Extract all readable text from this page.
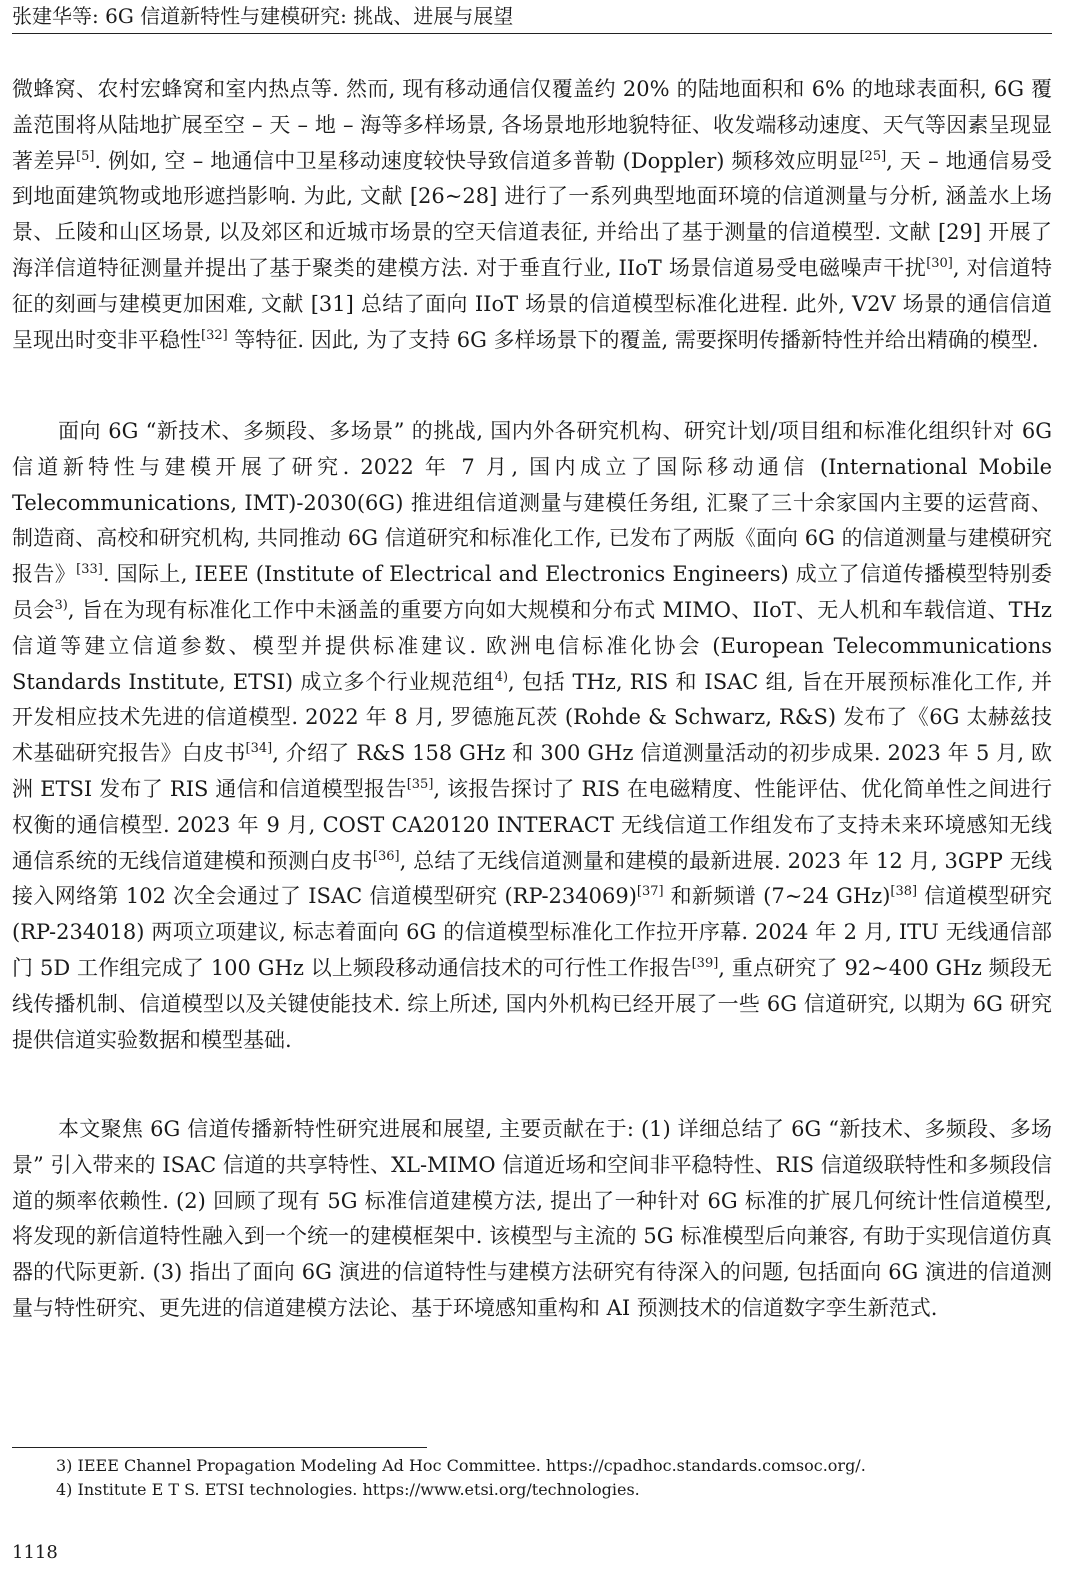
张建华等: 6G 信道新特性与建模研究: 挑战、进展与展望
微蜂窝、农村宏蜂窝和室内热点等. 然而, 现有移动通信仅覆盖约 20% 的陆地面积和 6% 的地球表面积, 6G 覆盖范围将从陆地扩展至空 – 天 – 地 – 海等多样场景, 各场景地形地貌特征、收发端移动速度、天气等因素呈现显著差异[5]. 例如, 空 – 地通信中卫星移动速度较快导致信道多普勒 (Doppler) 频移效应明显[25], 天 – 地通信易受到地面建筑物或地形遮挡影响. 为此, 文献 [26∼28] 进行了一系列典型地面环境的信道测量与分析, 涵盖水上场景、丘陵和山区场景, 以及郊区和近城市场景的空天信道表征, 并给出了基于测量的信道模型. 文献 [29] 开展了海洋信道特征测量并提出了基于聚类的建模方法. 对于垂直行业, IIoT 场景信道易受电磁噪声干扰[30], 对信道特征的刻画与建模更加困难, 文献 [31] 总结了面向 IIoT 场景的信道模型标准化进程. 此外, V2V 场景的通信信道呈现出时变非平稳性[32] 等特征. 因此, 为了支持 6G 多样场景下的覆盖, 需要探明传播新特性并给出精确的模型.
面向 6G “新技术、多频段、多场景” 的挑战, 国内外各研究机构、研究计划/项目组和标准化组织针对 6G 信道新特性与建模开展了研究. 2022 年 7 月, 国内成立了国际移动通信 (International Mobile Telecommunications, IMT)-2030(6G) 推进组信道测量与建模任务组, 汇聚了三十余家国内主要的运营商、制造商、高校和研究机构, 共同推动 6G 信道研究和标准化工作, 已发布了两版《面向 6G 的信道测量与建模研究报告》[33]. 国际上, IEEE (Institute of Electrical and Electronics Engineers) 成立了信道传播模型特别委员会$^{3)}$, 旨在为现有标准化工作中未涵盖的重要方向如大规模和分布式 MIMO、IIoT、无人机和车载信道、THz 信道等建立信道参数、模型并提供标准建议. 欧洲电信标准化协会 (European Telecommunications Standards Institute, ETSI) 成立多个行业规范组$^{4)}$, 包括 THz, RIS 和 ISAC 组, 旨在开展预标准化工作, 并开发相应技术先进的信道模型. 2022 年 8 月, 罗德施瓦茨 (Rohde & Schwarz, R&S) 发布了《6G 太赫兹技术基础研究报告》白皮书[34], 介绍了 R&S 158 GHz 和 300 GHz 信道测量活动的初步成果. 2023 年 5 月, 欧洲 ETSI 发布了 RIS 通信和信道模型报告[35], 该报告探讨了 RIS 在电磁精度、性能评估、优化简单性之间进行权衡的通信模型. 2023 年 9 月, COST CA20120 INTERACT 无线信道工作组发布了支持未来环境感知无线通信系统的无线信道建模和预测白皮书[36], 总结了无线信道测量和建模的最新进展. 2023 年 12 月, 3GPP 无线接入网络第 102 次全会通过了 ISAC 信道模型研究 (RP-234069)[37] 和新频谱 (7∼24 GHz)[38] 信道模型研究 (RP-234018) 两项立项建议, 标志着面向 6G 的信道模型标准化工作拉开序幕. 2024 年 2 月, ITU 无线通信部门 5D 工作组完成了 100 GHz 以上频段移动通信技术的可行性工作报告[39], 重点研究了 92∼400 GHz 频段无线传播机制、信道模型以及关键使能技术. 综上所述, 国内外机构已经开展了一些 6G 信道研究, 以期为 6G 研究提供信道实验数据和模型基础.
本文聚焦 6G 信道传播新特性研究进展和展望, 主要贡献在于: (1) 详细总结了 6G “新技术、多频段、多场景” 引入带来的 ISAC 信道的共享特性、XL-MIMO 信道近场和空间非平稳特性、RIS 信道级联特性和多频段信道的频率依赖性. (2) 回顾了现有 5G 标准信道建模方法, 提出了一种针对 6G 标准的扩展几何统计性信道模型, 将发现的新信道特性融入到一个统一的建模框架中. 该模型与主流的 5G 标准模型后向兼容, 有助于实现信道仿真器的代际更新. (3) 指出了面向 6G 演进的信道特性与建模方法研究有待深入的问题, 包括面向 6G 演进的信道测量与特性研究、更先进的信道建模方法论、基于环境感知重构和 AI 预测技术的信道数字孪生新范式.
3) IEEE Channel Propagation Modeling Ad Hoc Committee. https://cpadhoc.standards.comsoc.org/.
4) Institute E T S. ETSI technologies. https://www.etsi.org/technologies.
1118
